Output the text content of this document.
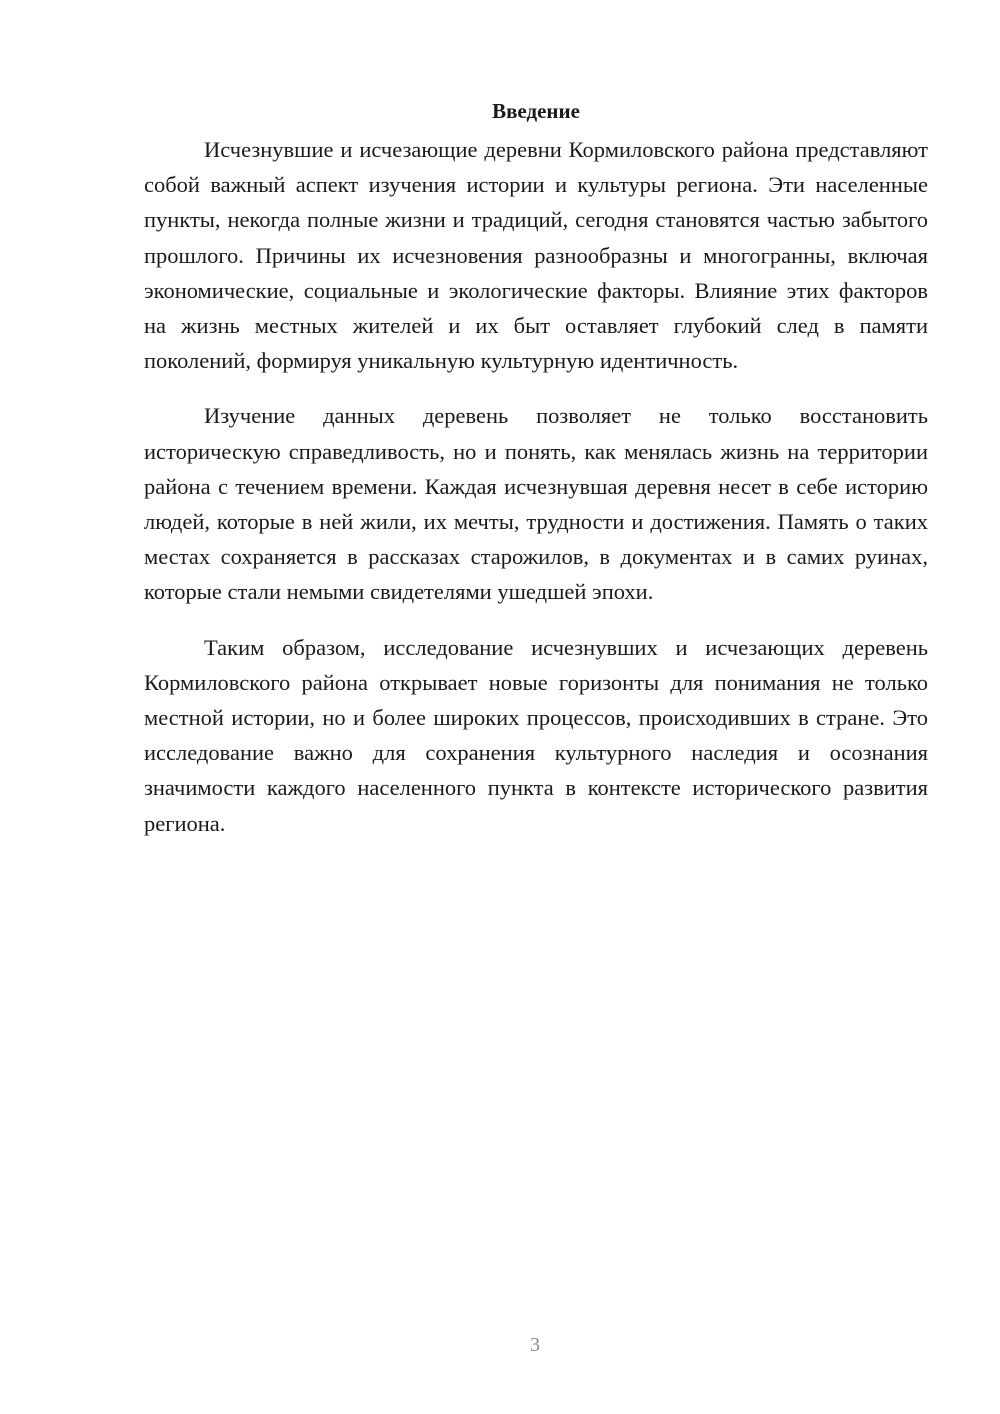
Введение

Исчезнувшие и исчезающие деревни Кормиловского района представляют собой важный аспект изучения истории и культуры региона. Эти населенные пункты, некогда полные жизни и традиций, сегодня становятся частью забытого прошлого. Причины их исчезновения разнообразны и многогранны, включая экономические, социальные и экологические факторы. Влияние этих факторов на жизнь местных жителей и их быт оставляет глубокий след в памяти поколений, формируя уникальную культурную идентичность.

Изучение данных деревень позволяет не только восстановить историческую справедливость, но и понять, как менялась жизнь на территории района с течением времени. Каждая исчезнувшая деревня несет в себе историю людей, которые в ней жили, их мечты, трудности и достижения. Память о таких местах сохраняется в рассказах старожилов, в документах и в самих руинах, которые стали немыми свидетелями ушедшей эпохи.

Таким образом, исследование исчезнувших и исчезающих деревень Кормиловского района открывает новые горизонты для понимания не только местной истории, но и более широких процессов, происходивших в стране. Это исследование важно для сохранения культурного наследия и осознания значимости каждого населенного пункта в контексте исторического развития региона.

3
